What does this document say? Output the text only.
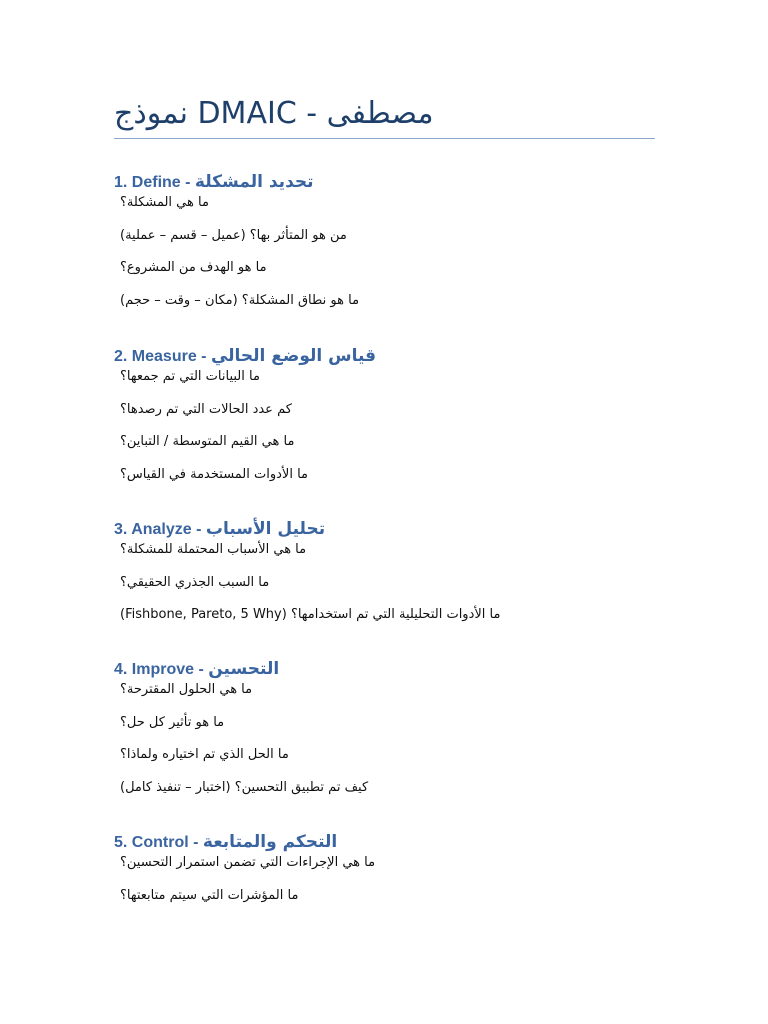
نموذج DMAIC - مصطفى
1. Define - تحديد المشكلة
ما هي المشكلة؟
من هو المتأثر بها؟ (عميل – قسم – عملية)
ما هو الهدف من المشروع؟
ما هو نطاق المشكلة؟ (مكان – وقت – حجم)
2. Measure - قياس الوضع الحالي
ما البيانات التي تم جمعها؟
كم عدد الحالات التي تم رصدها؟
ما هي القيم المتوسطة / التباين؟
ما الأدوات المستخدمة في القياس؟
3. Analyze - تحليل الأسباب
ما هي الأسباب المحتملة للمشكلة؟
ما السبب الجذري الحقيقي؟
ما الأدوات التحليلية التي تم استخدامها؟ (Fishbone, Pareto, 5 Why)
4. Improve - التحسين
ما هي الحلول المقترحة؟
ما هو تأثير كل حل؟
ما الحل الذي تم اختياره ولماذا؟
كيف تم تطبيق التحسين؟ (اختبار – تنفيذ كامل)
5. Control - التحكم والمتابعة
ما هي الإجراءات التي تضمن استمرار التحسين؟
ما المؤشرات التي سيتم متابعتها؟
